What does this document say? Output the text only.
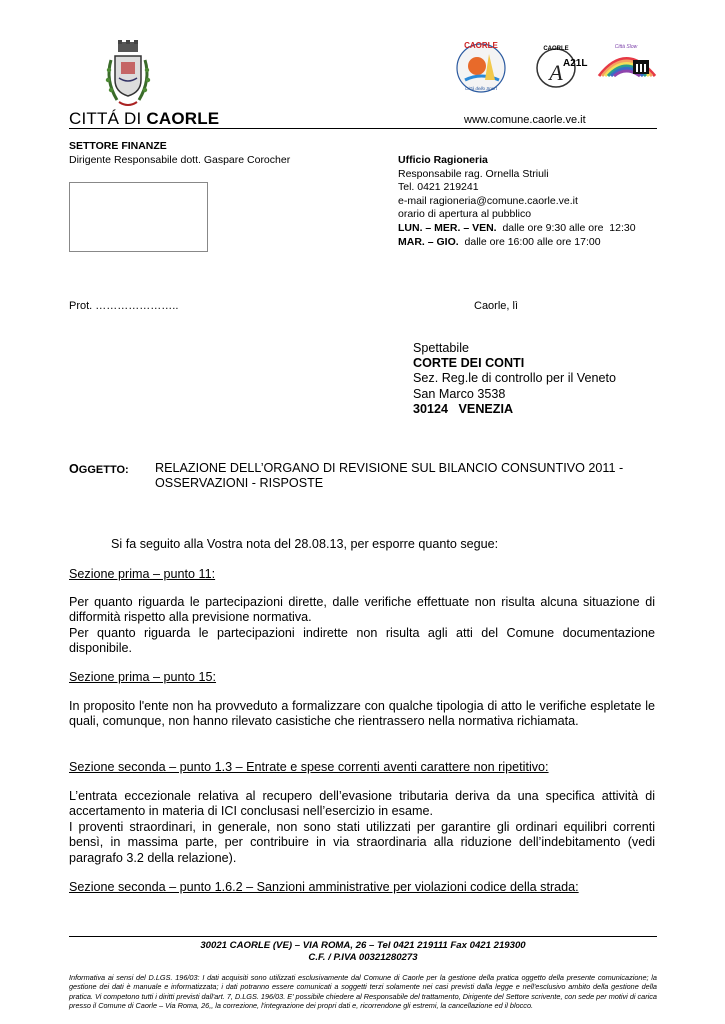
CITTÁ DI CAORLE	www.comune.caorle.ve.it
CAORLE
Città dello Sport
CAORLE
A A21L
Città Slow
SETTORE FINANZE
Dirigente Responsabile dott. Gaspare Corocher	Ufficio Ragioneria
Responsabile rag. Ornella Striuli
Tel. 0421 219241
e-mail ragioneria@comune.caorle.ve.it
orario di apertura al pubblico
LUN. – MER. – VEN.  dalle ore 9:30 alle ore  12:30
MAR. – GIO.  dalle ore 16:00 alle ore 17:00
Prot. …………………..	Caorle, lì
Spettabile
CORTE DEI CONTI
Sez. Reg.le di controllo per il Veneto
San Marco 3538
30124   VENEZIA
OGGETTO: RELAZIONE DELL’ORGANO DI REVISIONE SUL BILANCIO CONSUNTIVO 2011 - OSSERVAZIONI - RISPOSTE
Si fa seguito alla Vostra nota del 28.08.13, per esporre quanto segue:
Sezione prima – punto 11:
Per quanto riguarda le partecipazioni dirette, dalle verifiche effettuate non risulta alcuna situazione di difformità rispetto alla previsione normativa.
Per quanto riguarda le partecipazioni indirette non risulta agli atti del Comune documentazione disponibile.
Sezione prima – punto 15:
In proposito l'ente non ha provveduto a formalizzare con qualche tipologia di atto le verifiche espletate le quali, comunque, non hanno rilevato casistiche che rientrassero nella normativa richiamata.
Sezione seconda – punto 1.3 – Entrate e spese correnti aventi carattere non ripetitivo:
L’entrata eccezionale relativa al recupero dell’evasione tributaria deriva da una specifica attività di accertamento in materia di ICI conclusasi nell’esercizio in esame.
I proventi straordinari, in generale, non sono stati utilizzati per garantire gli ordinari equilibri correnti bensì, in massima parte, per contribuire in via straordinaria alla riduzione dell’indebitamento (vedi paragrafo 3.2 della relazione).
Sezione seconda – punto 1.6.2 – Sanzioni amministrative per violazioni codice della strada:
30021 CAORLE (VE) – VIA ROMA, 26 – Tel 0421 219111 Fax 0421 219300
C.F. / P.IVA 00321280273
Informativa ai sensi del D.LGS. 196/03: I dati acquisiti sono utilizzati esclusivamente dal Comune di Caorle per la gestione della pratica oggetto della presente comunicazione; la gestione dei dati è manuale e informatizzata; i dati potranno essere comunicati a soggetti terzi solamente nei casi previsti dalla legge e nell'esclusivo ambito della gestione della pratica. Vi competono tutti i diritti previsti dall'art. 7, D.LGS. 196/03. E' possibile chiedere al Responsabile del trattamento, Dirigente del Settore scrivente, con sede per motivi di carica presso il Comune di Caorle – Via Roma, 26,, la correzione, l'integrazione dei propri dati e, ricorrendone gli estremi, la cancellazione ed il blocco.
